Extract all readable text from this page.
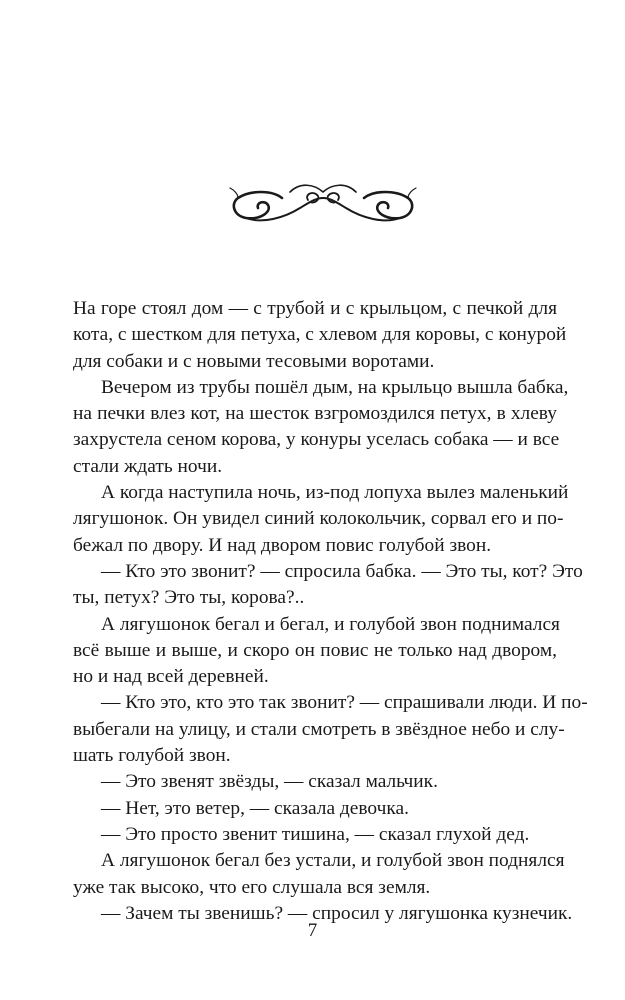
На горе стоял дом — с трубой и с крыльцом, с печкой для
кота, с шестком для петуха, с хлевом для коровы, с конурой
для собаки и с новыми тесовыми воротами.
Вечером из трубы пошёл дым, на крыльцо вышла бабка,
на печки влез кот, на шесток взгромоздился петух, в хлеву
захрустела сеном корова, у конуры уселась собака — и все
стали ждать ночи.
А когда наступила ночь, из-под лопуха вылез маленький
лягушонок. Он увидел синий колокольчик, сорвал его и по-
бежал по двору. И над двором повис голубой звон.
— Кто это звонит? — спросила бабка. — Это ты, кот? Это
ты, петух? Это ты, корова?..
А лягушонок бегал и бегал, и голубой звон поднимался
всё выше и выше, и скоро он повис не только над двором,
но и над всей деревней.
— Кто это, кто это так звонит? — спрашивали люди. И по-
выбегали на улицу, и стали смотреть в звёздное небо и слу-
шать голубой звон.
— Это звенят звёзды, — сказал мальчик.
— Нет, это ветер, — сказала девочка.
— Это просто звенит тишина, — сказал глухой дед.
А лягушонок бегал без устали, и голубой звон поднялся
уже так высоко, что его слушала вся земля.
— Зачем ты звенишь? — спросил у лягушонка кузнечик.
7
